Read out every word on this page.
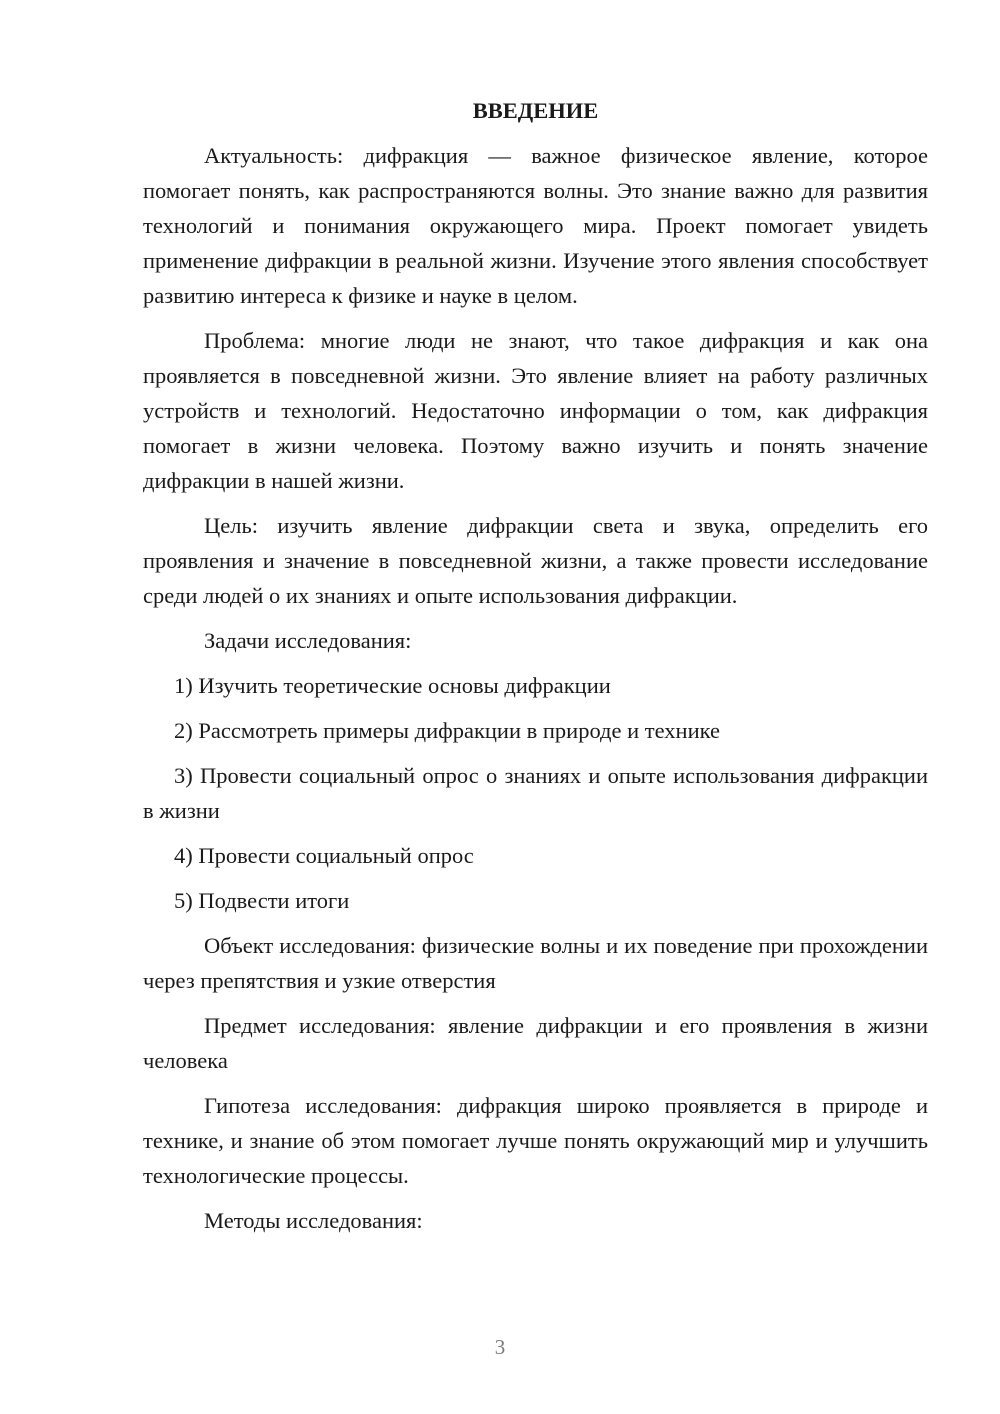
ВВЕДЕНИЕ

Актуальность: дифракция — важное физическое явление, которое помогает понять, как распространяются волны. Это знание важно для развития технологий и понимания окружающего мира. Проект помогает увидеть применение дифракции в реальной жизни. Изучение этого явления способствует развитию интереса к физике и науке в целом.

Проблема: многие люди не знают, что такое дифракция и как она проявляется в повседневной жизни. Это явление влияет на работу различных устройств и технологий. Недостаточно информации о том, как дифракция помогает в жизни человека. Поэтому важно изучить и понять значение дифракции в нашей жизни.

Цель: изучить явление дифракции света и звука, определить его проявления и значение в повседневной жизни, а также провести исследование среди людей о их знаниях и опыте использования дифракции.

Задачи исследования:

1) Изучить теоретические основы дифракции

2) Рассмотреть примеры дифракции в природе и технике

3) Провести социальный опрос о знаниях и опыте использования дифракции в жизни

4) Провести социальный опрос

5) Подвести итоги

Объект исследования: физические волны и их поведение при прохождении через препятствия и узкие отверстия

Предмет исследования: явление дифракции и его проявления в жизни человека

Гипотеза исследования: дифракция широко проявляется в природе и технике, и знание об этом помогает лучше понять окружающий мир и улучшить технологические процессы.

Методы исследования:

3
